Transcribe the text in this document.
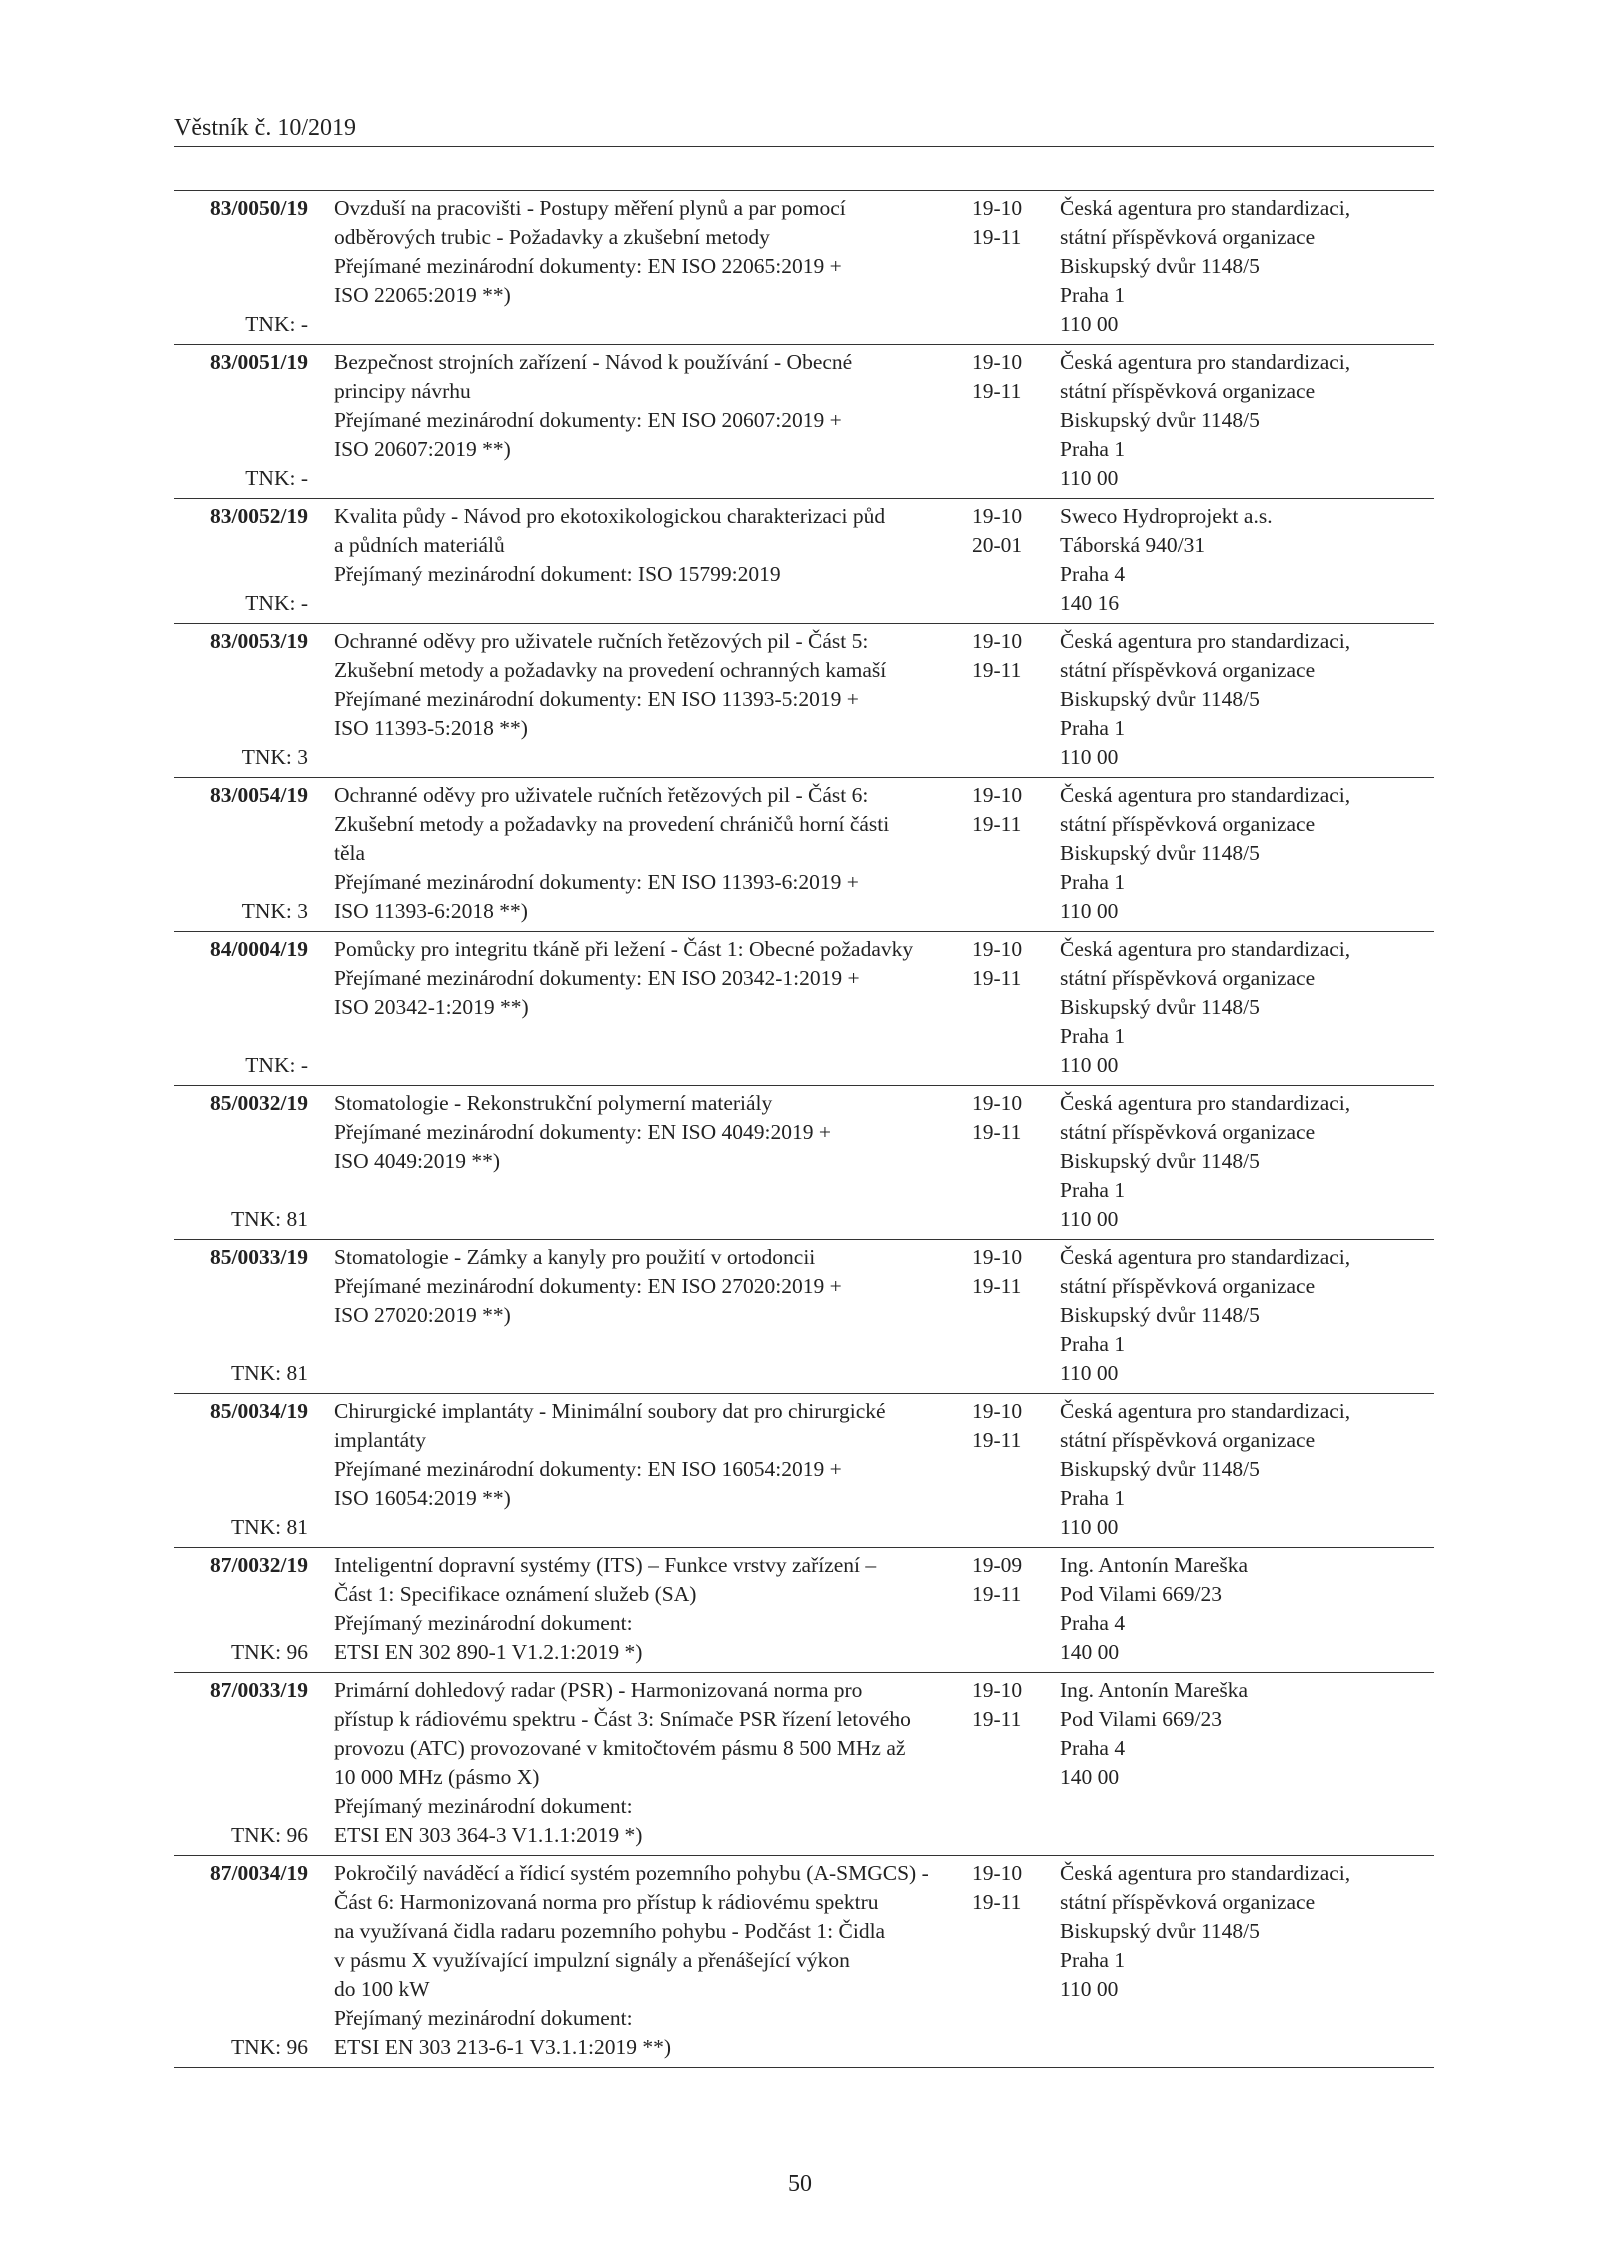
Věstník č. 10/2019
83/0050/19
TNK: -
Ovzduší na pracovišti - Postupy měření plynů a par pomocí
odběrových trubic - Požadavky a zkušební metody
Přejímané mezinárodní dokumenty: EN ISO 22065:2019 +
ISO 22065:2019 **)
19-10
19-11
Česká agentura pro standardizaci,
státní příspěvková organizace
Biskupský dvůr 1148/5
Praha 1
110 00
83/0051/19
TNK: -
Bezpečnost strojních zařízení - Návod k používání - Obecné
principy návrhu
Přejímané mezinárodní dokumenty: EN ISO 20607:2019 +
ISO 20607:2019 **)
19-10
19-11
Česká agentura pro standardizaci,
státní příspěvková organizace
Biskupský dvůr 1148/5
Praha 1
110 00
83/0052/19
TNK: -
Kvalita půdy - Návod pro ekotoxikologickou charakterizaci půd
a půdních materiálů
Přejímaný mezinárodní dokument: ISO 15799:2019
19-10
20-01
Sweco Hydroprojekt a.s.
Táborská 940/31
Praha 4
140 16
83/0053/19
TNK: 3
Ochranné oděvy pro uživatele ručních řetězových pil - Část 5:
Zkušební metody a požadavky na provedení ochranných kamaší
Přejímané mezinárodní dokumenty: EN ISO 11393-5:2019 +
ISO 11393-5:2018 **)
19-10
19-11
Česká agentura pro standardizaci,
státní příspěvková organizace
Biskupský dvůr 1148/5
Praha 1
110 00
83/0054/19
TNK: 3
Ochranné oděvy pro uživatele ručních řetězových pil - Část 6:
Zkušební metody a požadavky na provedení chráničů horní části
těla
Přejímané mezinárodní dokumenty: EN ISO 11393-6:2019 +
ISO 11393-6:2018 **)
19-10
19-11
Česká agentura pro standardizaci,
státní příspěvková organizace
Biskupský dvůr 1148/5
Praha 1
110 00
84/0004/19
TNK: -
Pomůcky pro integritu tkáně při ležení - Část 1: Obecné požadavky
Přejímané mezinárodní dokumenty: EN ISO 20342-1:2019 +
ISO 20342-1:2019 **)
19-10
19-11
Česká agentura pro standardizaci,
státní příspěvková organizace
Biskupský dvůr 1148/5
Praha 1
110 00
85/0032/19
TNK: 81
Stomatologie - Rekonstrukční polymerní materiály
Přejímané mezinárodní dokumenty: EN ISO 4049:2019 +
ISO 4049:2019 **)
19-10
19-11
Česká agentura pro standardizaci,
státní příspěvková organizace
Biskupský dvůr 1148/5
Praha 1
110 00
85/0033/19
TNK: 81
Stomatologie - Zámky a kanyly pro použití v ortodoncii
Přejímané mezinárodní dokumenty: EN ISO 27020:2019 +
ISO 27020:2019 **)
19-10
19-11
Česká agentura pro standardizaci,
státní příspěvková organizace
Biskupský dvůr 1148/5
Praha 1
110 00
85/0034/19
TNK: 81
Chirurgické implantáty - Minimální soubory dat pro chirurgické
implantáty
Přejímané mezinárodní dokumenty: EN ISO 16054:2019 +
ISO 16054:2019 **)
19-10
19-11
Česká agentura pro standardizaci,
státní příspěvková organizace
Biskupský dvůr 1148/5
Praha 1
110 00
87/0032/19
TNK: 96
Inteligentní dopravní systémy (ITS) – Funkce vrstvy zařízení –
Část 1: Specifikace oznámení služeb (SA)
Přejímaný mezinárodní dokument:
ETSI EN 302 890-1 V1.2.1:2019 *)
19-09
19-11
Ing. Antonín Mareška
Pod Vilami 669/23
Praha 4
140 00
87/0033/19
TNK: 96
Primární dohledový radar (PSR) - Harmonizovaná norma pro
přístup k rádiovému spektru - Část 3: Snímače PSR řízení letového
provozu (ATC) provozované v kmitočtovém pásmu 8 500 MHz až
10 000 MHz (pásmo X)
Přejímaný mezinárodní dokument:
ETSI EN 303 364-3 V1.1.1:2019 *)
19-10
19-11
Ing. Antonín Mareška
Pod Vilami 669/23
Praha 4
140 00
87/0034/19
TNK: 96
Pokročilý naváděcí a řídicí systém pozemního pohybu (A-SMGCS) -
Část 6: Harmonizovaná norma pro přístup k rádiovému spektru
na využívaná čidla radaru pozemního pohybu - Podčást 1: Čidla
v pásmu X využívající impulzní signály a přenášející výkon
do 100 kW
Přejímaný mezinárodní dokument:
ETSI EN 303 213-6-1 V3.1.1:2019 **)
19-10
19-11
Česká agentura pro standardizaci,
státní příspěvková organizace
Biskupský dvůr 1148/5
Praha 1
110 00
50
